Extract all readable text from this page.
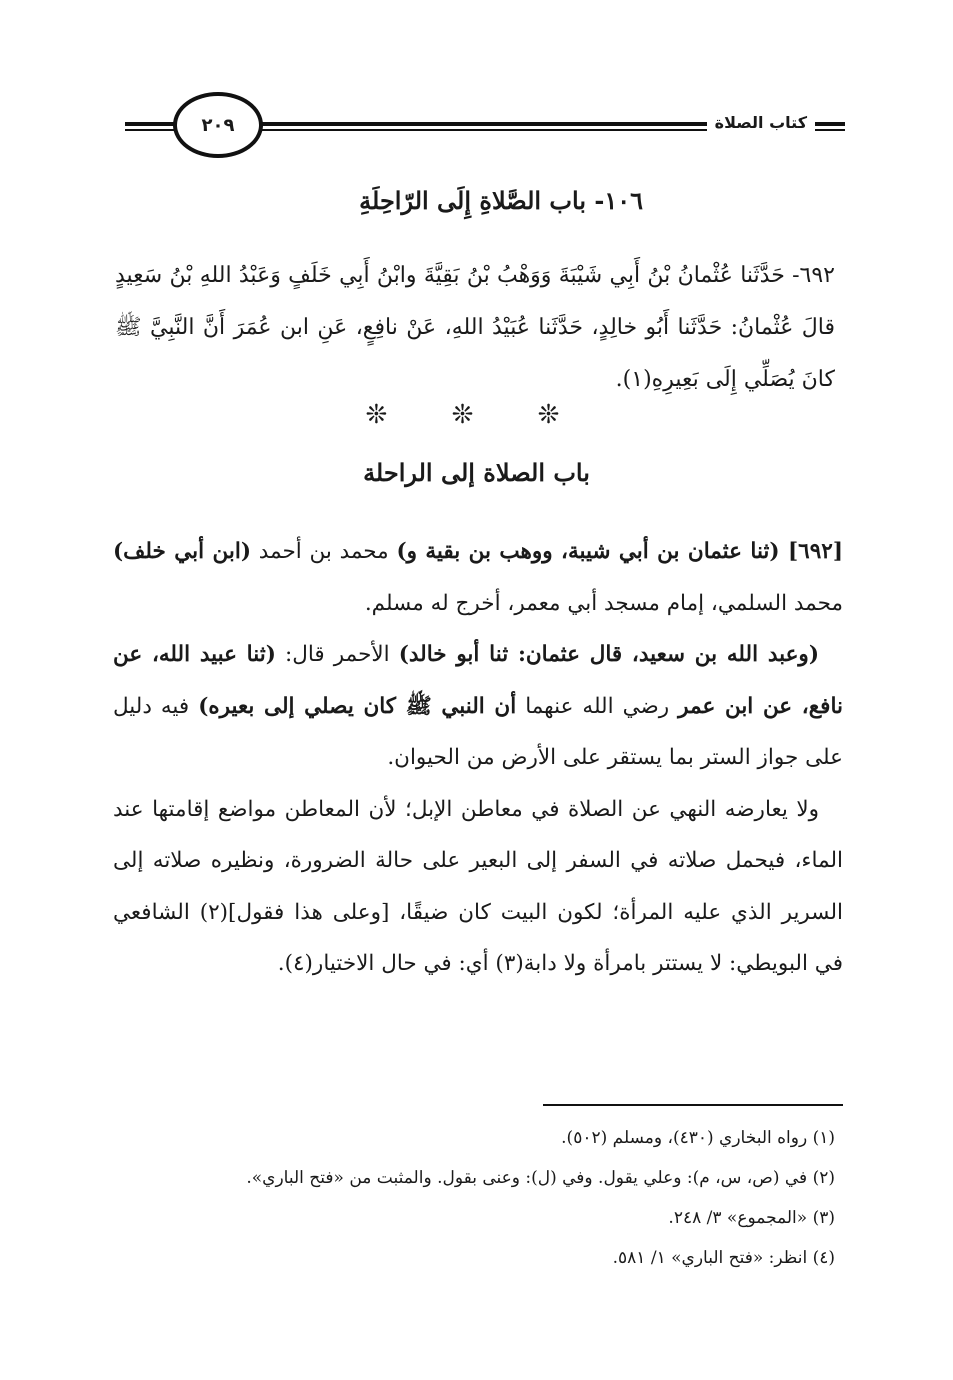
كتاب الصلاة
٢٠٩
١٠٦- باب الصَّلاةِ إِلَى الرّاحِلَةِ

٦٩٢- حَدَّثَنا عُثْمانُ بْنُ أَبِي شَيْبَةَ وَوَهْبُ بْنُ بَقِيَّةَ وابْنُ أَبِي خَلَفٍ وَعَبْدُ اللهِ بْنُ سَعِيدٍ قالَ عُثْمانُ: حَدَّثَنا أَبُو خالِدٍ، حَدَّثَنا عُبَيْدُ اللهِ، عَنْ نافِعٍ، عَنِ ابن عُمَرَ أَنَّ النَّبِيَّ ﷺ كانَ يُصَلِّي إِلَى بَعِيرِهِ(١).

❊ ❊ ❊
باب الصلاة إلى الراحلة

[٦٩٢] (ثنا عثمان بن أبي شيبة، ووهب بن بقية و) محمد بن أحمد (ابن أبي خلف) محمد السلمي، إمام مسجد أبي معمر، أخرج له مسلم.

(وعبد الله بن سعيد، قال عثمان: ثنا أبو خالد) الأحمر قال: (ثنا عبيد الله، عن نافع، عن ابن عمر رضي الله عنهما أن النبي ﷺ كان يصلي إلى بعيره) فيه دليل على جواز الستر بما يستقر على الأرض من الحيوان.

ولا يعارضه النهي عن الصلاة في معاطن الإبل؛ لأن المعاطن مواضع إقامتها عند الماء، فيحمل صلاته في السفر إلى البعير على حالة الضرورة، ونظيره صلاته إلى السرير الذي عليه المرأة؛ لكون البيت كان ضيقًا، [وعلى هذا فقول](٢) الشافعي في البويطي: لا يستتر بامرأة ولا دابة(٣) أي: في حال الاختيار(٤).

(١) رواه البخاري (٤٣٠)، ومسلم (٥٠٢).
(٢) في (ص، س، م): وعلي يقول. وفي (ل): وعنى بقول. والمثبت من «فتح الباري».
(٣) «المجموع» ٣/ ٢٤٨.
(٤) انظر: «فتح الباري» ١/ ٥٨١.
